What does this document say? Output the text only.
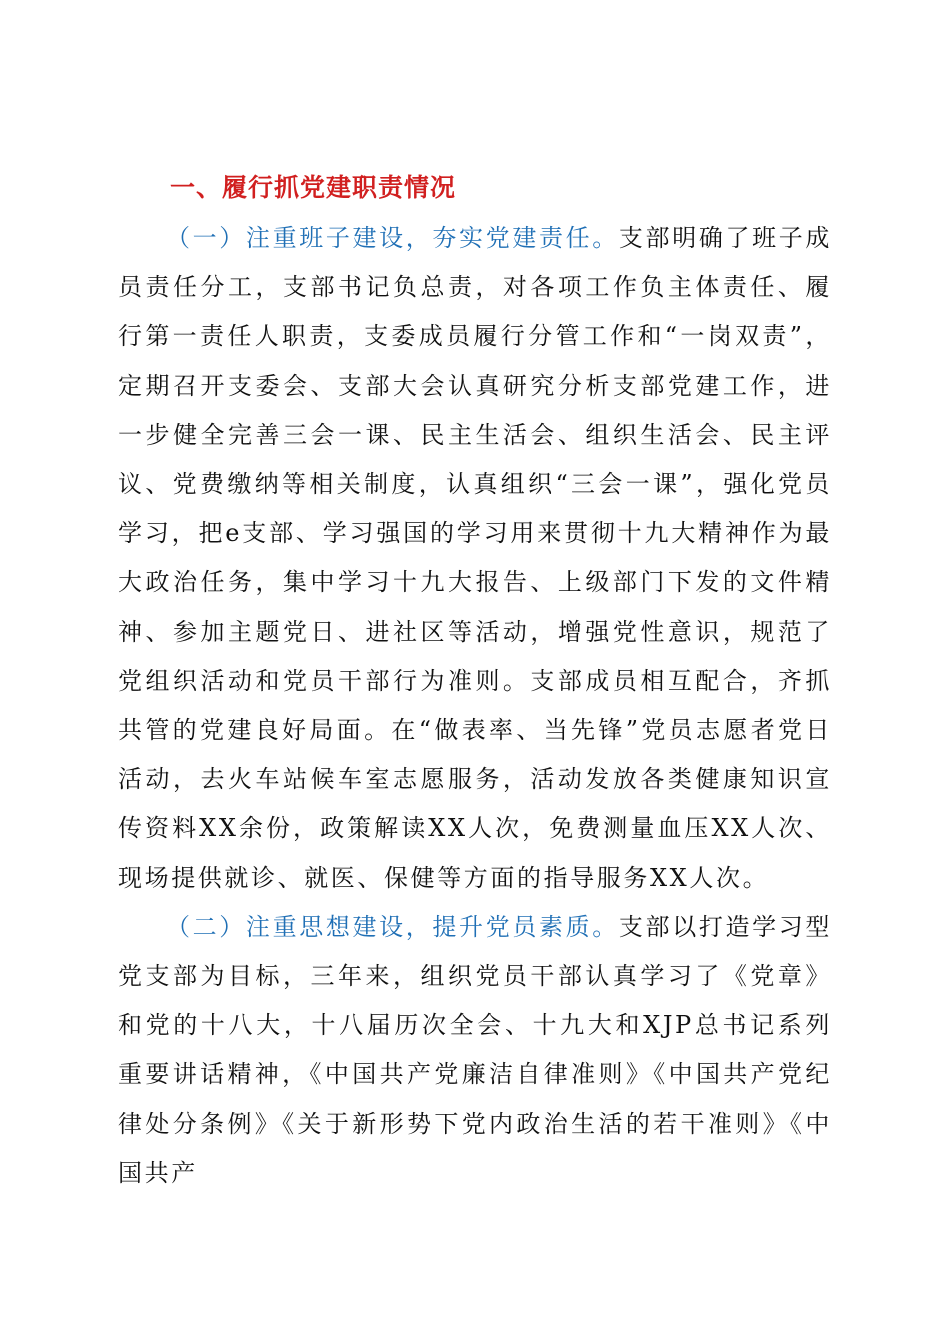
一、履行抓党建职责情况

（一）注重班子建设，夯实党建责任。支部明确了班子成员责任分工，支部书记负总责，对各项工作负主体责任、履行第一责任人职责，支委成员履行分管工作和“一岗双责”，定期召开支委会、支部大会认真研究分析支部党建工作，进一步健全完善三会一课、民主生活会、组织生活会、民主评议、党费缴纳等相关制度，认真组织“三会一课”，强化党员学习，把e支部、学习强国的学习用来贯彻十九大精神作为最大政治任务，集中学习十九大报告、上级部门下发的文件精神、参加主题党日、进社区等活动，增强党性意识，规范了党组织活动和党员干部行为准则。支部成员相互配合，齐抓共管的党建良好局面。在“做表率、当先锋”党员志愿者党日活动，去火车站候车室志愿服务，活动发放各类健康知识宣传资料XX余份，政策解读XX人次，免费测量血压XX人次、现场提供就诊、就医、保健等方面的指导服务XX人次。

（二）注重思想建设，提升党员素质。支部以打造学习型党支部为目标，三年来，组织党员干部认真学习了《党章》和党的十八大，十八届历次全会、十九大和XJP总书记系列重要讲话精神，《中国共产党廉洁自律准则》《中国共产党纪律处分条例》《关于新形势下党内政治生活的若干准则》《中国共产
